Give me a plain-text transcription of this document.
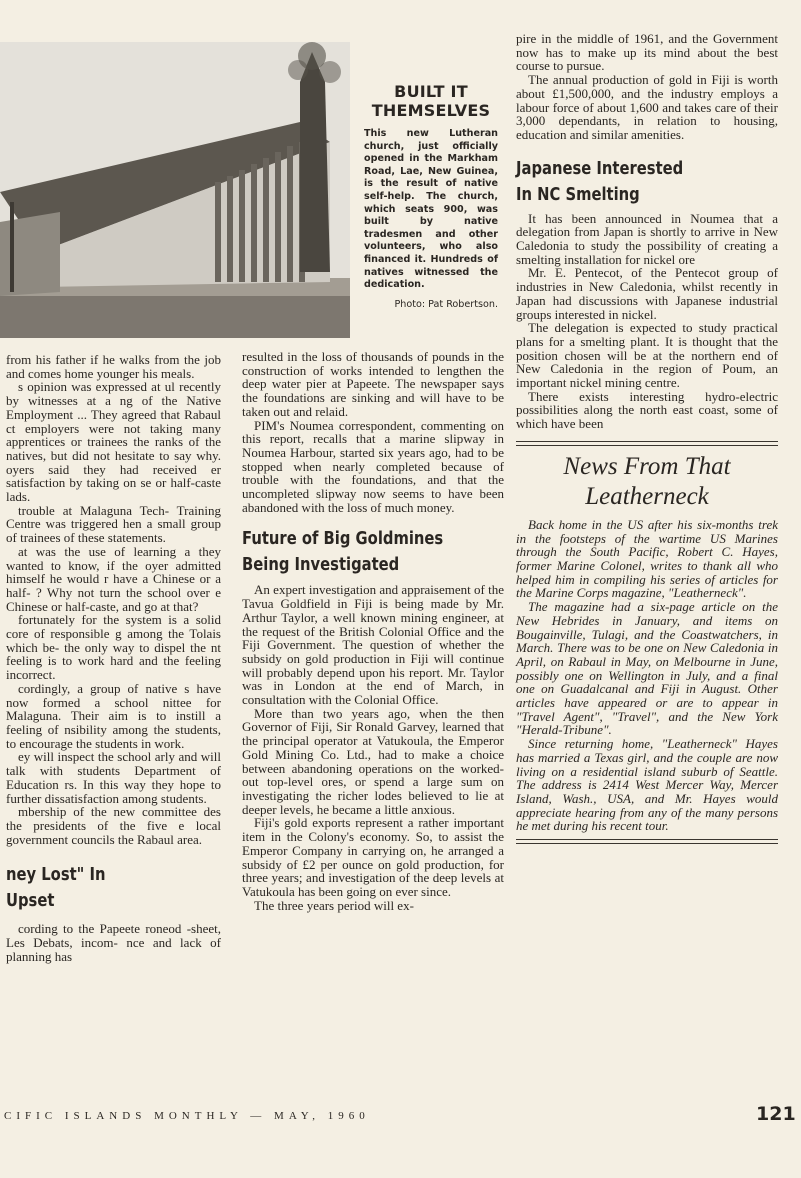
BUILT IT THEMSELVES

This new Lutheran church, just officially opened in the Markham Road, Lae, New Guinea, is the result of native self-help. The church, which seats 900, was built by native tradesmen and other volunteers, who also financed it. Hundreds of natives witnessed the dedication.

Photo: Pat Robertson.

from his father if he walks from the job and comes home younger his meals.

s opinion was expressed at ul recently by witnesses at a ng of the Native Employment ... They agreed that Rabaul ct employers were not taking many apprentices or trainees the ranks of the natives, but did not hesitate to say why. oyers said they had received er satisfaction by taking on se or half-caste lads.

trouble at Malaguna Tech- Training Centre was triggered hen a small group of trainees of these statements.

at was the use of learning a they wanted to know, if the oyer admitted himself he would r have a Chinese or a half- ? Why not turn the school over e Chinese or half-caste, and go at that?

fortunately for the system is a solid core of responsible g among the Tolais which be- the only way to dispel the nt feeling is to work hard and the feeling incorrect.

cordingly, a group of native s have now formed a school nittee for Malaguna. Their aim is to instill a feeling of nsibility among the students, to encourage the students in work.

ey will inspect the school arly and will talk with students Department of Education rs. In this way they hope to further dissatisfaction among students.

mbership of the new committee des the presidents of the five e local government councils the Rabaul area.

ney Lost" In
Upset

cording to the Papeete roneod -sheet, Les Debats, incom- nce and lack of planning has

resulted in the loss of thousands of pounds in the construction of works intended to lengthen the deep water pier at Papeete. The newspaper says the foundations are sinking and will have to be taken out and relaid.

PIM's Noumea correspondent, commenting on this report, recalls that a marine slipway in Noumea Harbour, started six years ago, had to be stopped when nearly completed because of trouble with the foundations, and that the uncompleted slipway now seems to have been abandoned with the loss of much money.

Future of Big Goldmines
Being Investigated

An expert investigation and appraisement of the Tavua Goldfield in Fiji is being made by Mr. Arthur Taylor, a well known mining engineer, at the request of the British Colonial Office and the Fiji Government. The question of whether the subsidy on gold production in Fiji will continue will probably depend upon his report. Mr. Taylor was in London at the end of March, in consultation with the Colonial Office.

More than two years ago, when the then Governor of Fiji, Sir Ronald Garvey, learned that the principal operator at Vatukoula, the Emperor Gold Mining Co. Ltd., had to make a choice between abandoning operations on the worked-out top-level ores, or spend a large sum on investigating the richer lodes believed to lie at deeper levels, he became a little anxious.

Fiji's gold exports represent a rather important item in the Colony's economy. So, to assist the Emperor Company in carrying on, he arranged a subsidy of £2 per ounce on gold production, for three years; and investigation of the deep levels at Vatukoula has been going on ever since.

The three years period will ex-

pire in the middle of 1961, and the Government now has to make up its mind about the best course to pursue.

The annual production of gold in Fiji is worth about £1,500,000, and the industry employs a labour force of about 1,600 and takes care of their 3,000 dependants, in relation to housing, education and similar amenities.

Japanese Interested
In NC Smelting

It has been announced in Noumea that a delegation from Japan is shortly to arrive in New Caledonia to study the possibility of creating a smelting installation for nickel ore

Mr. E. Pentecot, of the Pentecot group of industries in New Caledonia, whilst recently in Japan had discussions with Japanese industrial groups interested in nickel.

The delegation is expected to study practical plans for a smelting plant. It is thought that the position chosen will be at the northern end of New Caledonia in the region of Poum, an important nickel mining centre.

There exists interesting hydro-electric possibilities along the north east coast, some of which have been

News From That
Leatherneck

Back home in the US after his six-months trek in the footsteps of the wartime US Marines through the South Pacific, Robert C. Hayes, former Marine Colonel, writes to thank all who helped him in compiling his series of articles for the Marine Corps magazine, "Leatherneck".

The magazine had a six-page article on the New Hebrides in January, and items on Bougainville, Tulagi, and the Coastwatchers, in March. There was to be one on New Caledonia in April, on Rabaul in May, on Melbourne in June, possibly one on Wellington in July, and a final one on Guadalcanal and Fiji in August. Other articles have appeared or are to appear in "Travel Agent", "Travel", and the New York "Herald-Tribune".

Since returning home, "Leatherneck" Hayes has married a Texas girl, and the couple are now living on a residential island suburb of Seattle. The address is 2414 West Mercer Way, Mercer Island, Wash., USA, and Mr. Hayes would appreciate hearing from any of the many persons he met during his recent tour.

CIFIC ISLANDS MONTHLY — MAY, 1960	121
